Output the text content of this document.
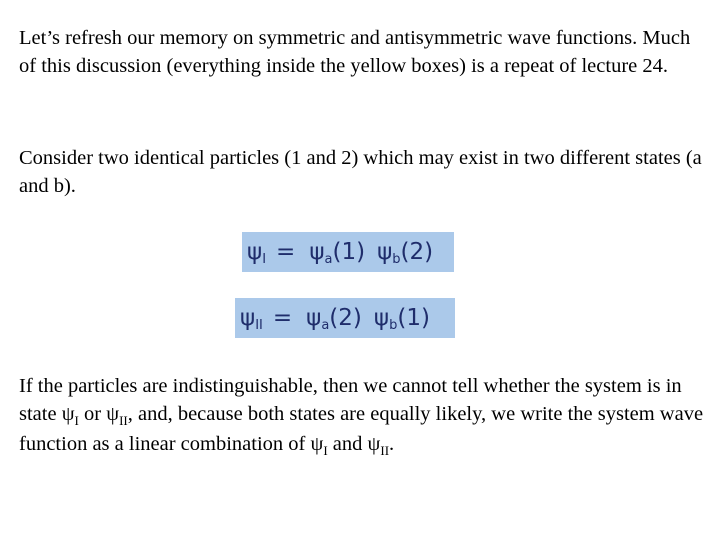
Let’s refresh our memory on symmetric and antisymmetric wave functions. Much of this discussion (everything inside the yellow boxes) is a repeat of lecture 24.

Consider two identical particles (1 and 2) which may exist in two different states (a and b).

ψ I = ψ a (1) ψ b (2)
ψ II = ψ a (2) ψ b (1)

If the particles are indistinguishable, then we cannot tell whether the system is in state $\psi_I$ or $\psi_{II}$, and, because both states are equally likely, we write the system wave function as a linear combination of $\psi_I$ and $\psi_{II}$.
